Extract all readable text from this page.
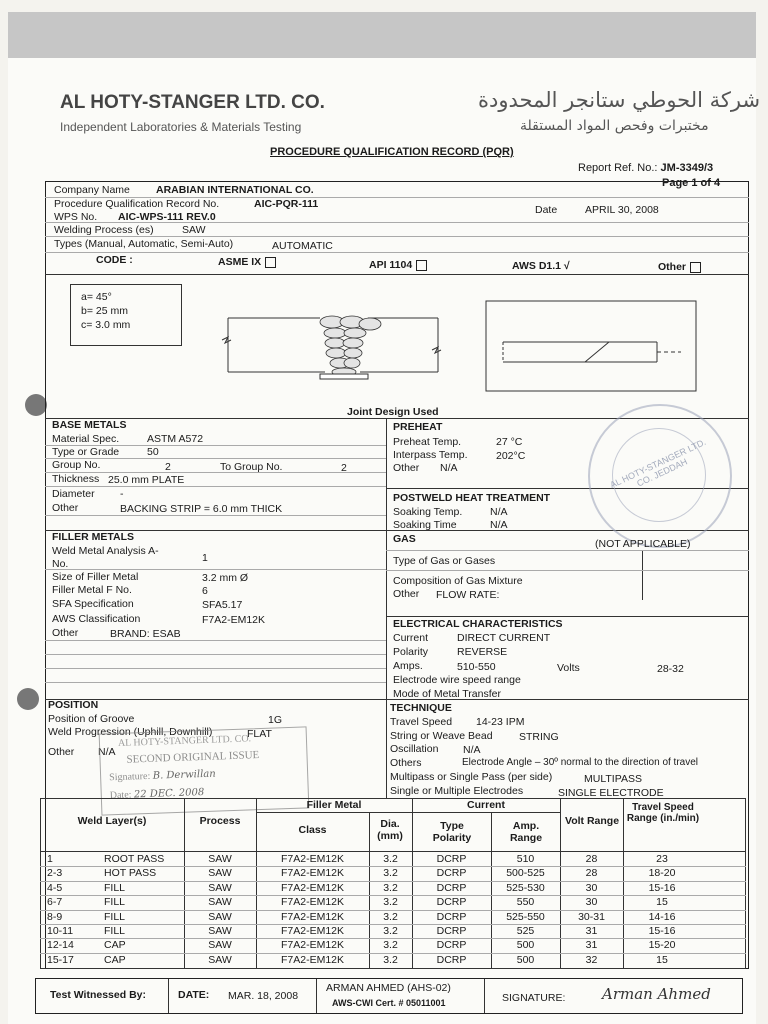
AL HOTY-STANGER LTD. CO.
Independent Laboratories & Materials Testing
شركة الحوطي ستانجر المحدودة
مختبرات وفحص المواد المستقلة
PROCEDURE QUALIFICATION RECORD (PQR)
Report Ref. No.: JM-3349/3
Page 1 of 4
Company Name ARABIAN INTERNATIONAL CO.
Procedure Qualification Record No.	AIC-PQR-111	Date	APRIL 30, 2008
WPS No. AIC-WPS-111 REV.0
Welding Process (es)	SAW
Types (Manual, Automatic, Semi-Auto)	AUTOMATIC
CODE :	ASME IX	API 1104	AWS D1.1 √	Other
a= 45°
b= 25 mm
c= 3.0 mm
Joint Design Used
BASE METALS
Material Spec.	ASTM A572
Type or Grade	50
Group No.	2	To Group No.	2
Thickness 25.0 mm PLATE
Diameter -
Other	BACKING STRIP = 6.0 mm THICK
PREHEAT
Preheat Temp.	27 °C
Interpass Temp.	202°C
Other N/A
POSTWELD HEAT TREATMENT
Soaking Temp.	N/A
Soaking Time	N/A
AL HOTY-STANGER LTD. CO. JEDDAH
FILLER METALS
Weld Metal Analysis A-
No.	1
Size of Filler Metal	3.2 mm Ø
Filler Metal F No.	6
SFA Specification	SFA5.17
AWS Classification	F7A2-EM12K
Other	BRAND: ESAB
GAS	(NOT APPLICABLE)
Type of Gas or Gases
Composition of Gas Mixture
Other FLOW RATE:
ELECTRICAL CHARACTERISTICS
Current	DIRECT CURRENT
Polarity	REVERSE
Amps.	510-550	Volts	28-32
Electrode wire speed range
Mode of Metal Transfer
POSITION
Position of Groove	1G
Weld Progression (Uphill, Downhill)	FLAT
Other N/A
TECHNIQUE
Travel Speed 14-23 IPM
String or Weave Bead	STRING
Oscillation N/A
Others	Electrode Angle – 30º normal to the direction of travel
Multipass or Single Pass (per side)	MULTIPASS
Single or Multiple Electrodes	SINGLE ELECTRODE
AL HOTY-STANGER LTD. CO.
SECOND ORIGINAL ISSUE
Signature: B. Derwillan
Date: 22 DEC. 2008
Filler Metal	Current
Weld Layer(s)	Process
Class	Dia. (mm)
Type Polarity
Amp. Range
Volt Range
Travel Speed Range (in./min)
1	ROOT PASS	SAW	F7A2-EM12K	3.2	DCRP	510	28	23
2-3	HOT PASS	SAW	F7A2-EM12K	3.2	DCRP	500-525	28	18-20
4-5	FILL	SAW	F7A2-EM12K	3.2	DCRP	525-530	30	15-16
6-7	FILL	SAW	F7A2-EM12K	3.2	DCRP	550	30	15
8-9	FILL	SAW	F7A2-EM12K	3.2	DCRP	525-550	30-31	14-16
10-11	FILL	SAW	F7A2-EM12K	3.2	DCRP	525	31	15-16
12-14	CAP	SAW	F7A2-EM12K	3.2	DCRP	500	31	15-20
15-17	CAP	SAW	F7A2-EM12K	3.2	DCRP	500	32	15
Test Witnessed By:	DATE: MAR. 18, 2008
ARMAN AHMED (AHS-02)
AWS-CWI Cert. # 05011001	SIGNATURE: Arman Ahmed
